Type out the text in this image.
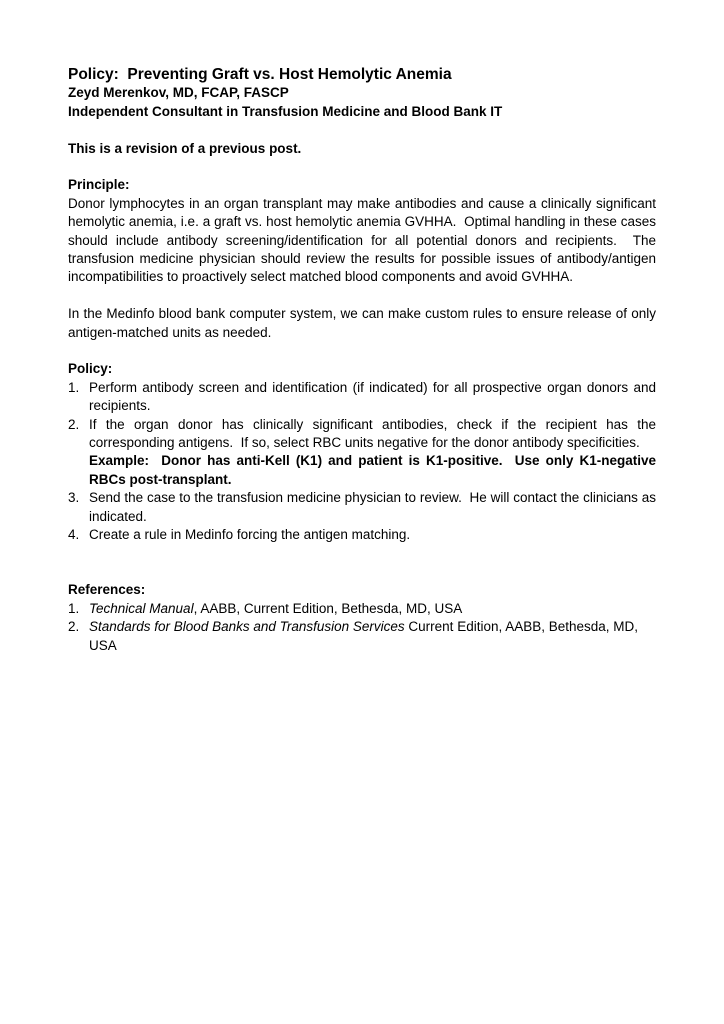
Policy:  Preventing Graft vs. Host Hemolytic Anemia
Zeyd Merenkov, MD, FCAP, FASCP
Independent Consultant in Transfusion Medicine and Blood Bank IT
This is a revision of a previous post.
Principle:
Donor lymphocytes in an organ transplant may make antibodies and cause a clinically significant hemolytic anemia, i.e. a graft vs. host hemolytic anemia GVHHA.  Optimal handling in these cases should include antibody screening/identification for all potential donors and recipients.  The transfusion medicine physician should review the results for possible issues of antibody/antigen incompatibilities to proactively select matched blood components and avoid GVHHA.
In the Medinfo blood bank computer system, we can make custom rules to ensure release of only antigen-matched units as needed.
Policy:
1. Perform antibody screen and identification (if indicated) for all prospective organ donors and recipients.
2. If the organ donor has clinically significant antibodies, check if the recipient has the corresponding antigens.  If so, select RBC units negative for the donor antibody specificities.
Example:  Donor has anti-Kell (K1) and patient is K1-positive.  Use only K1-negative RBCs post-transplant.
3. Send the case to the transfusion medicine physician to review.  He will contact the clinicians as indicated.
4. Create a rule in Medinfo forcing the antigen matching.
References:
1. Technical Manual, AABB, Current Edition, Bethesda, MD, USA
2. Standards for Blood Banks and Transfusion Services Current Edition, AABB, Bethesda, MD, USA
